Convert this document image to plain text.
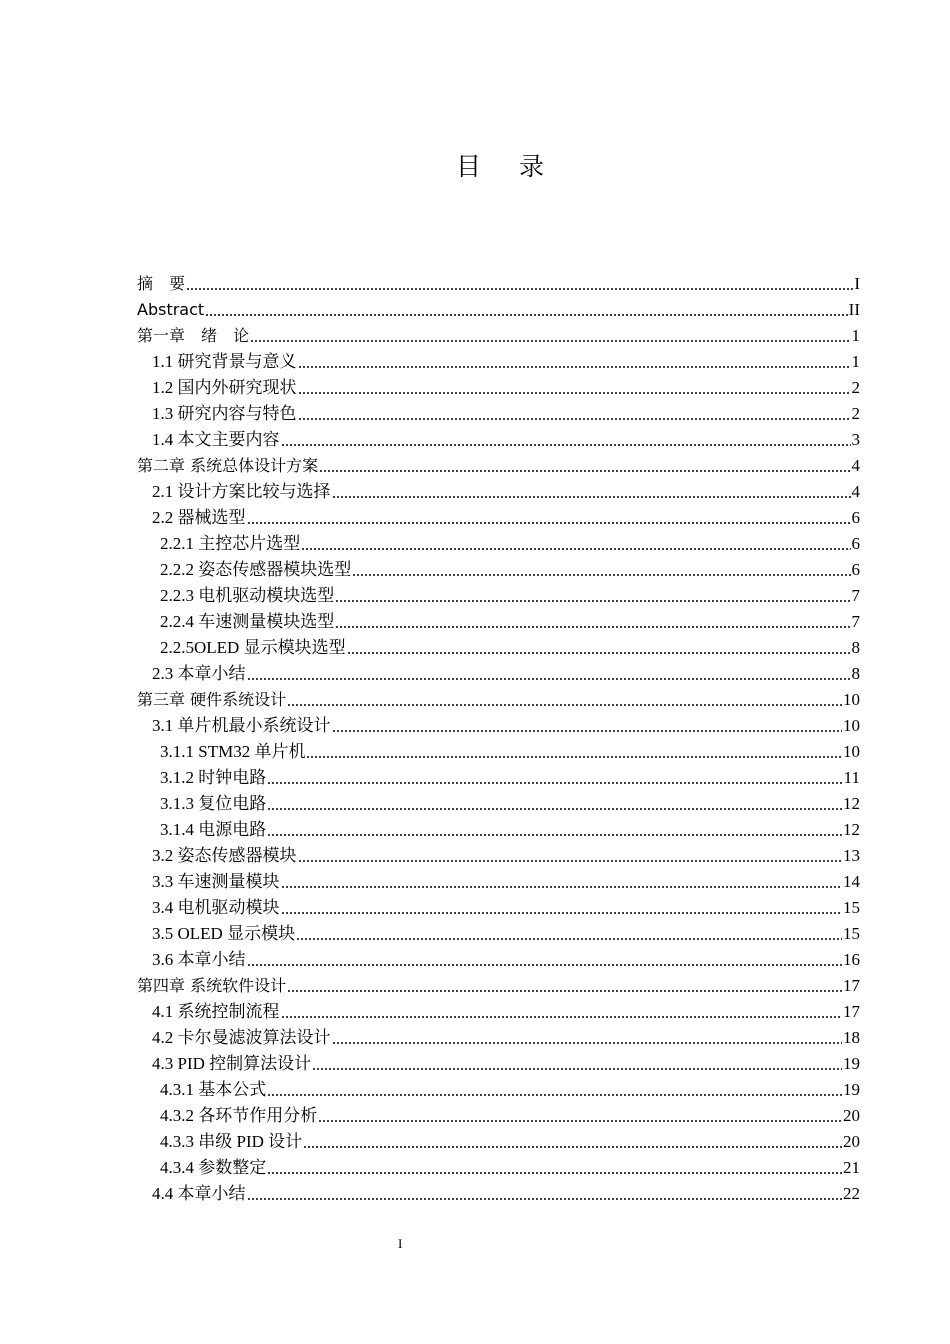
目 录
摘　要	I
Abstract	II
第一章　绪　论	1
1.1 研究背景与意义	1
1.2 国内外研究现状	2
1.3 研究内容与特色	2
1.4 本文主要内容	3
第二章 系统总体设计方案	4
2.1 设计方案比较与选择	4
2.2 器械选型	6
2.2.1 主控芯片选型	6
2.2.2 姿态传感器模块选型	6
2.2.3 电机驱动模块选型	7
2.2.4 车速测量模块选型	7
2.2.5OLED 显示模块选型	8
2.3 本章小结	8
第三章 硬件系统设计	10
3.1 单片机最小系统设计	10
3.1.1 STM32 单片机	10
3.1.2 时钟电路	11
3.1.3 复位电路	12
3.1.4 电源电路	12
3.2 姿态传感器模块	13
3.3 车速测量模块	14
3.4 电机驱动模块	15
3.5 OLED 显示模块	15
3.6 本章小结	16
第四章 系统软件设计	17
4.1 系统控制流程	17
4.2 卡尔曼滤波算法设计	18
4.3 PID 控制算法设计	19
4.3.1 基本公式	19
4.3.2 各环节作用分析	20
4.3.3 串级 PID 设计	20
4.3.4 参数整定	21
4.4 本章小结	22
I
